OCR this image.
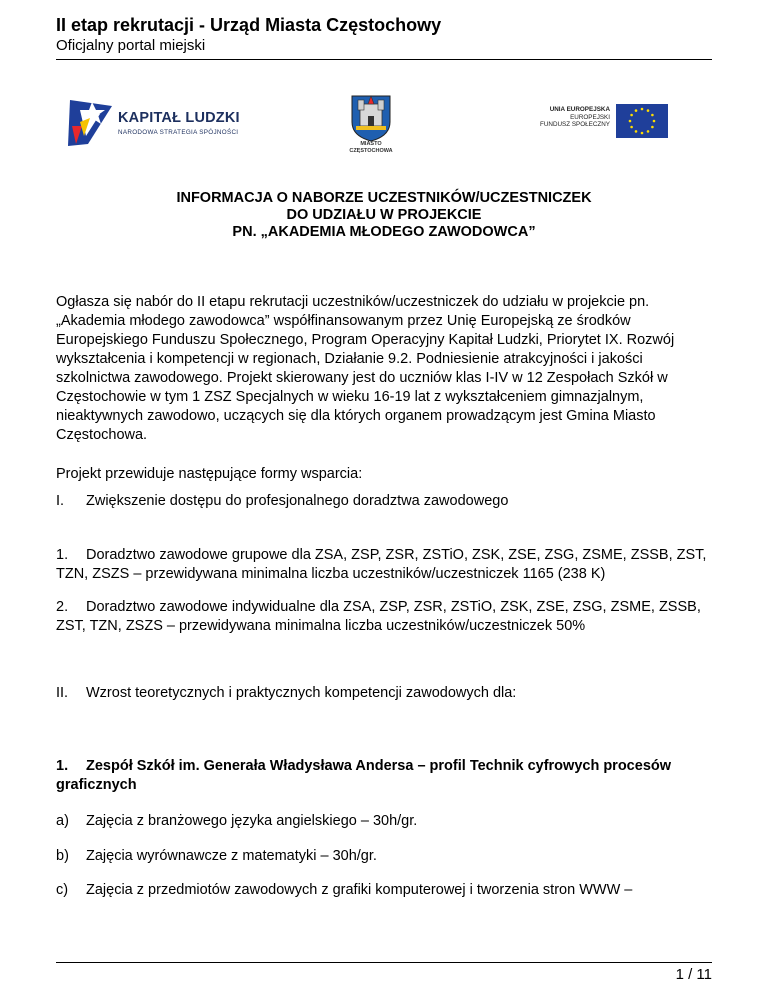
II etap rekrutacji - Urząd Miasta Częstochowy
Oficjalny portal miejski
KAPITAŁ LUDZKI
NARODOWA STRATEGIA SPÓJNOŚCI
MIASTO
CZĘSTOCHOWA
UNIA EUROPEJSKA
EUROPEJSKI
FUNDUSZ SPOŁECZNY
INFORMACJA O NABORZE UCZESTNIKÓW/UCZESTNICZEK
DO UDZIAŁU W PROJEKCIE
PN. „AKADEMIA MŁODEGO ZAWODOWCA”
Ogłasza się nabór do II etapu rekrutacji uczestników/uczestniczek do udziału w projekcie pn. „Akademia młodego zawodowca” współfinansowanym przez Unię Europejską ze środków Europejskiego Funduszu Społecznego, Program Operacyjny Kapitał Ludzki, Priorytet IX. Rozwój wykształcenia i kompetencji w regionach, Działanie 9.2. Podniesienie atrakcyjności i jakości szkolnictwa zawodowego. Projekt skierowany jest do uczniów klas I-IV w 12 Zespołach Szkół w Częstochowie w tym 1 ZSZ Specjalnych w wieku 16-19 lat z wykształceniem gimnazjalnym, nieaktywnych zawodowo, uczących się dla których organem prowadzącym jest Gmina Miasto Częstochowa.
Projekt przewiduje następujące formy wsparcia:
I. Zwiększenie dostępu do profesjonalnego doradztwa zawodowego
1. Doradztwo zawodowe grupowe dla ZSA, ZSP, ZSR, ZSTiO, ZSK, ZSE, ZSG, ZSME, ZSSB, ZST, TZN, ZSZS – przewidywana minimalna liczba uczestników/uczestniczek 1165 (238 K)
2. Doradztwo zawodowe indywidualne dla ZSA, ZSP, ZSR, ZSTiO, ZSK, ZSE, ZSG, ZSME, ZSSB, ZST, TZN, ZSZS – przewidywana minimalna liczba uczestników/uczestniczek 50%
II. Wzrost teoretycznych i praktycznych kompetencji zawodowych dla:
1. Zespół Szkół im. Generała Władysława Andersa – profil Technik cyfrowych procesów graficznych
a) Zajęcia z branżowego języka angielskiego – 30h/gr.
b) Zajęcia wyrównawcze z matematyki – 30h/gr.
c) Zajęcia z przedmiotów zawodowych z grafiki komputerowej i tworzenia stron WWW –
1 / 11
